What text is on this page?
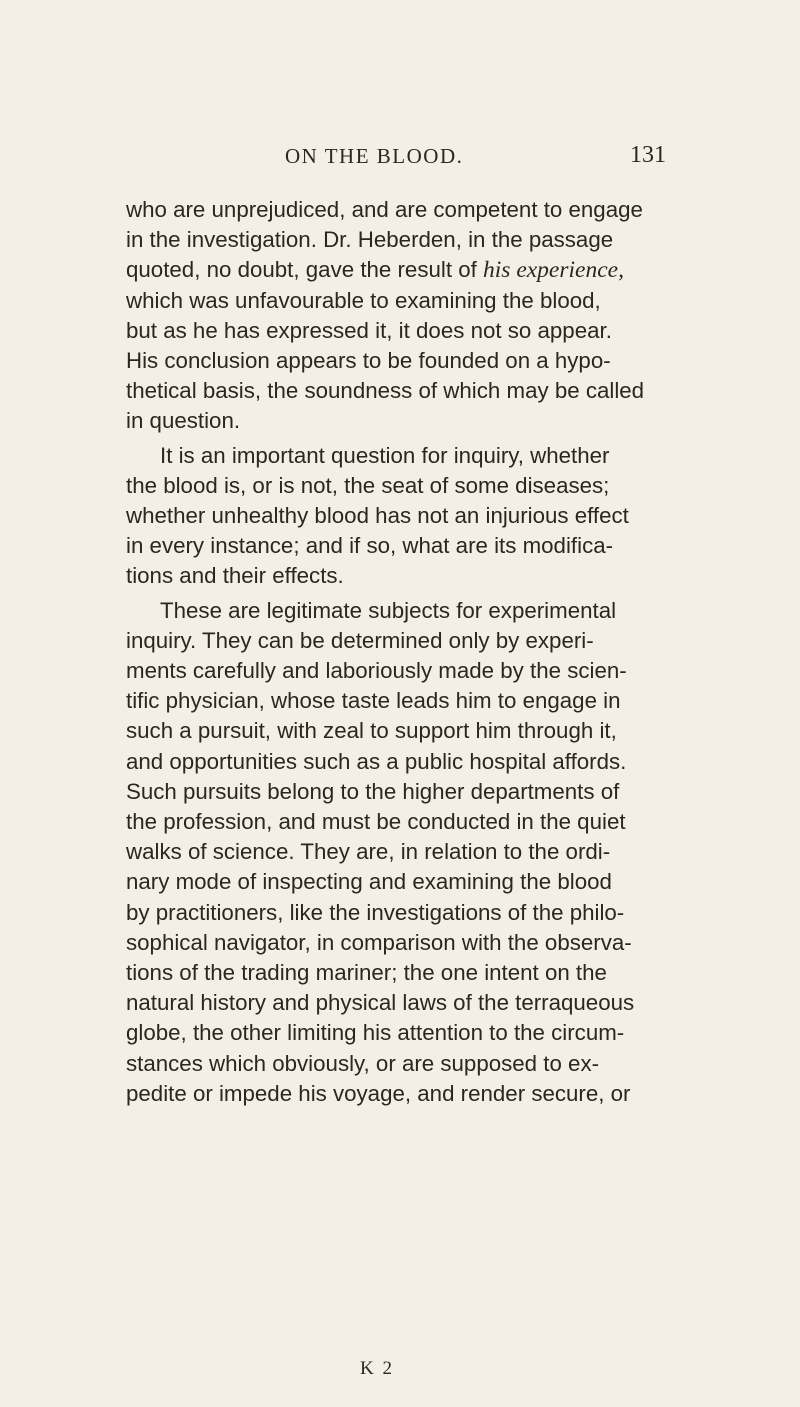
ON THE BLOOD.	131

who are unprejudiced, and are competent to engage
in the investigation. Dr. Heberden, in the passage
quoted, no doubt, gave the result of his experience,
which was unfavourable to examining the blood,
but as he has expressed it, it does not so appear.
His conclusion appears to be founded on a hypo-
thetical basis, the soundness of which may be called
in question.

It is an important question for inquiry, whether
the blood is, or is not, the seat of some diseases;
whether unhealthy blood has not an injurious effect
in every instance; and if so, what are its modifica-
tions and their effects.

These are legitimate subjects for experimental
inquiry. They can be determined only by experi-
ments carefully and laboriously made by the scien-
tific physician, whose taste leads him to engage in
such a pursuit, with zeal to support him through it,
and opportunities such as a public hospital affords.
Such pursuits belong to the higher departments of
the profession, and must be conducted in the quiet
walks of science. They are, in relation to the ordi-
nary mode of inspecting and examining the blood
by practitioners, like the investigations of the philo-
sophical navigator, in comparison with the observa-
tions of the trading mariner; the one intent on the
natural history and physical laws of the terraqueous
globe, the other limiting his attention to the circum-
stances which obviously, or are supposed to ex-
pedite or impede his voyage, and render secure, or

K 2
